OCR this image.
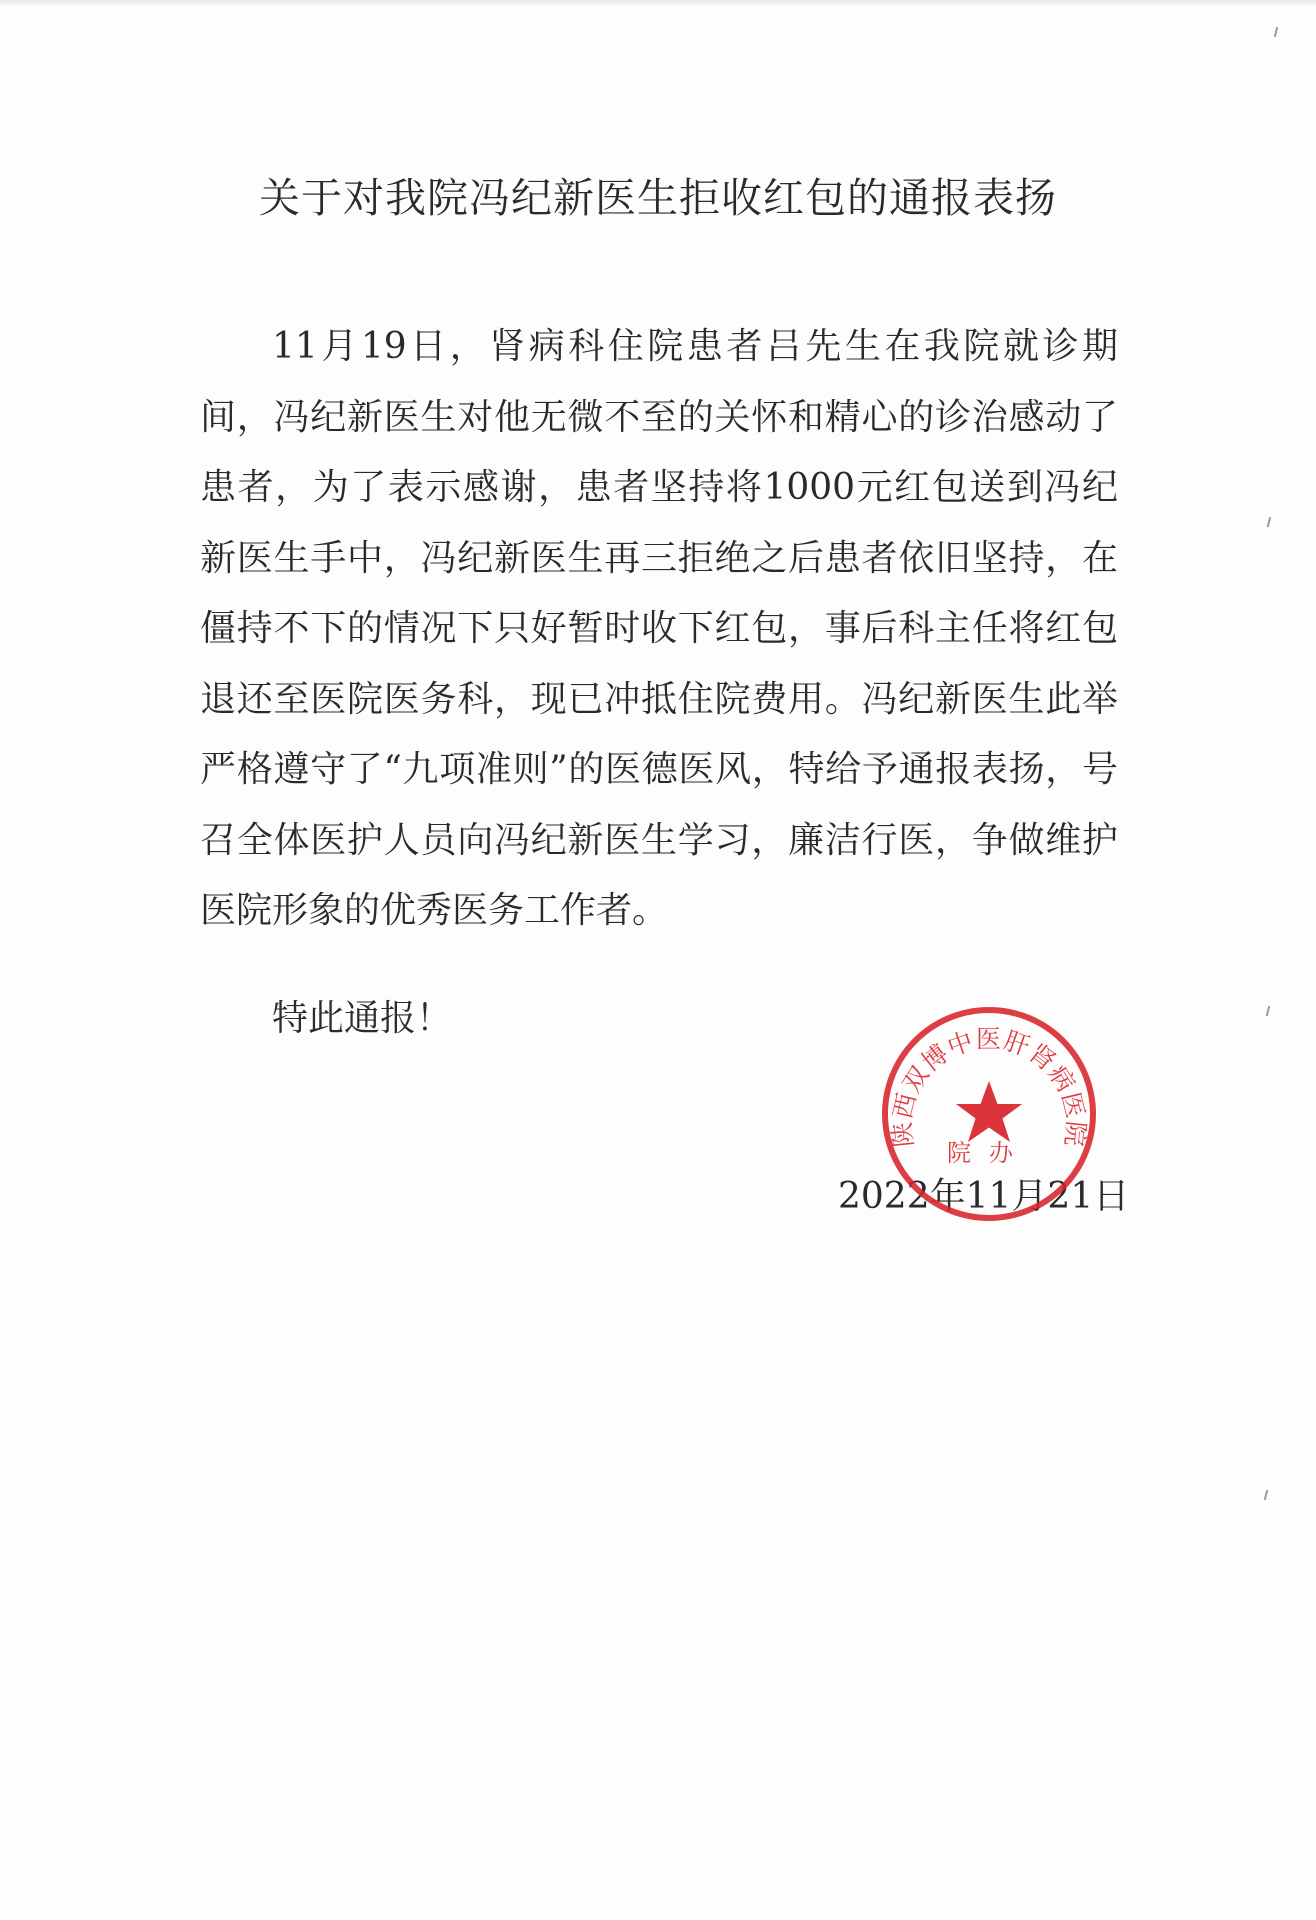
关于对我院冯纪新医生拒收红包的通报表扬

11月19日，肾病科住院患者吕先生在我院就诊期间，冯纪新医生对他无微不至的关怀和精心的诊治感动了患者，为了表示感谢，患者坚持将1000元红包送到冯纪新医生手中，冯纪新医生再三拒绝之后患者依旧坚持，在僵持不下的情况下只好暂时收下红包，事后科主任将红包退还至医院医务科，现已冲抵住院费用。冯纪新医生此举严格遵守了“九项准则”的医德医风，特给予通报表扬，号召全体医护人员向冯纪新医生学习，廉洁行医，争做维护医院形象的优秀医务工作者。

特此通报！
2022年11月21日
陕西双博中医肝肾病医院
院办
